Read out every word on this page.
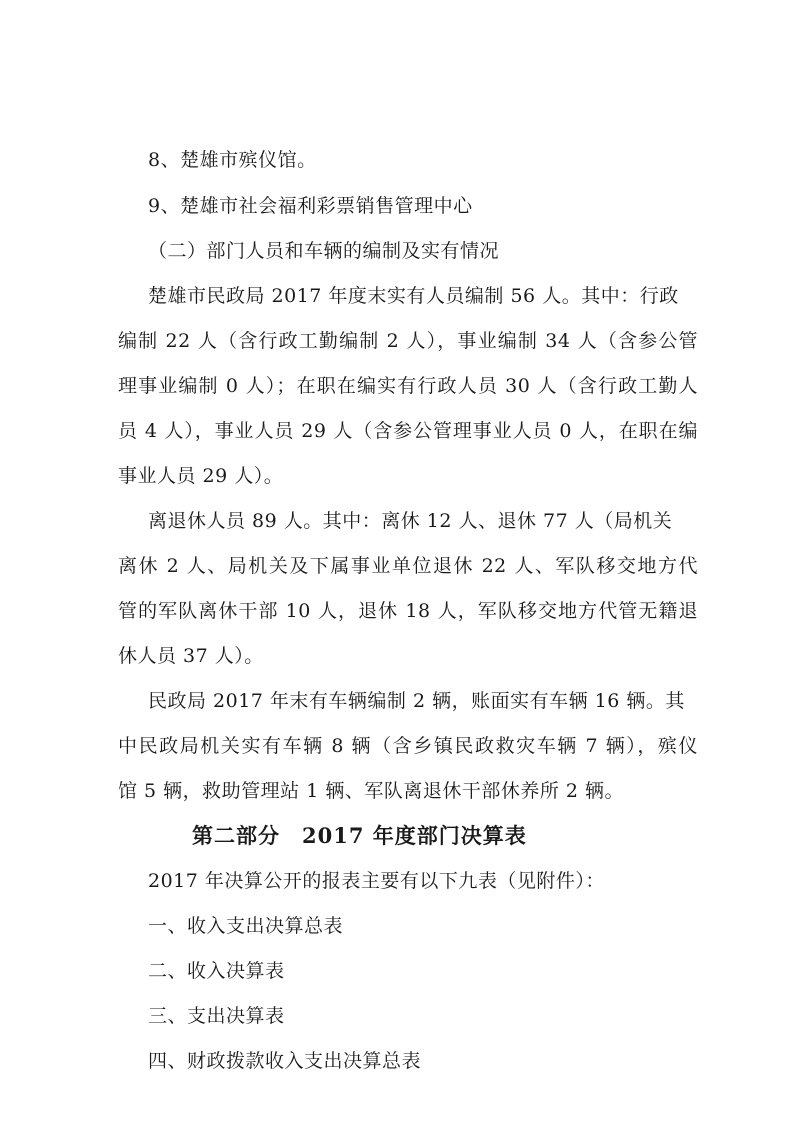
8、楚雄市殡仪馆。
9、楚雄市社会福利彩票销售管理中心
（二）部门人员和车辆的编制及实有情况
楚雄市民政局 2017 年度末实有人员编制 56 人。其中：行政
编制 22 人（含行政工勤编制 2 人），事业编制 34 人（含参公管
理事业编制 0 人）；在职在编实有行政人员 30 人（含行政工勤人
员 4 人），事业人员 29 人（含参公管理事业人员 0 人，在职在编
事业人员 29 人）。
离退休人员 89 人。其中：离休 12 人、退休 77 人（局机关
离休 2 人、局机关及下属事业单位退休 22 人、军队移交地方代
管的军队离休干部 10 人，退休 18 人，军队移交地方代管无籍退
休人员 37 人）。
民政局 2017 年末有车辆编制 2 辆，账面实有车辆 16 辆。其
中民政局机关实有车辆 8 辆（含乡镇民政救灾车辆 7 辆），殡仪
馆 5 辆，救助管理站 1 辆、军队离退休干部休养所 2 辆。
第二部分　2017 年度部门决算表
2017 年决算公开的报表主要有以下九表（见附件）：
一、收入支出决算总表
二、收入决算表
三、支出决算表
四、财政拨款收入支出决算总表
